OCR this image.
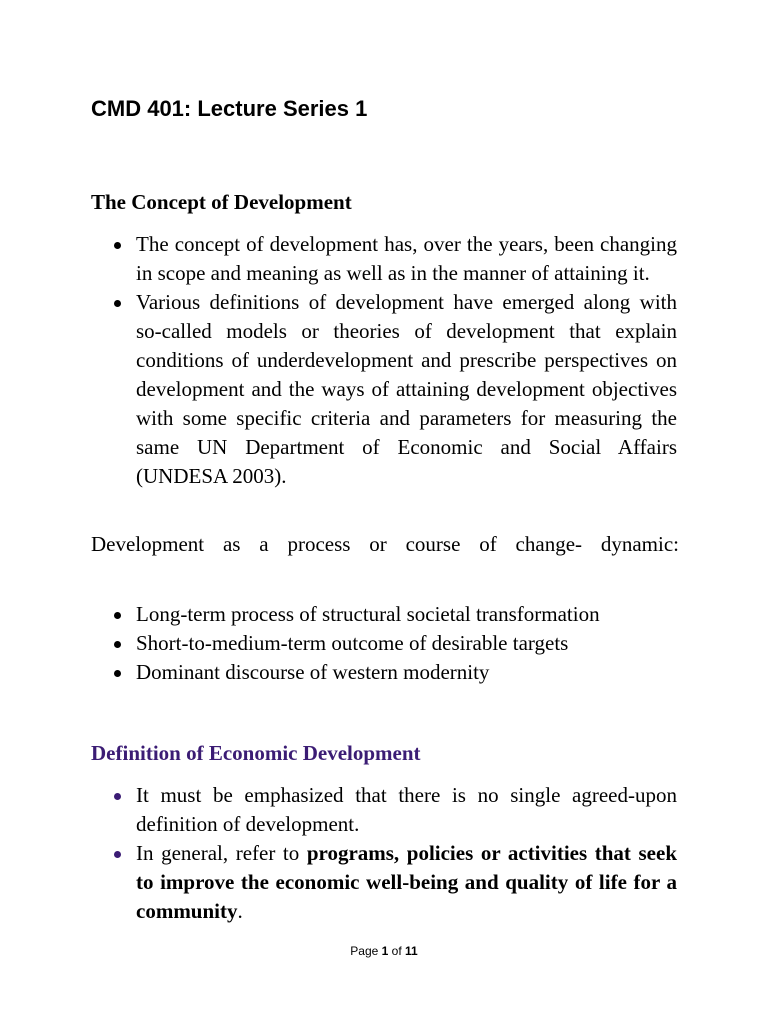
CMD 401: Lecture Series 1
The Concept of Development
The concept of development has, over the years, been changing in scope and meaning as well as in the manner of attaining it.
Various definitions of development have emerged along with so-called models or theories of development that explain conditions of underdevelopment and prescribe perspectives on development and the ways of attaining development objectives with some specific criteria and parameters for measuring the same UN Department of Economic and Social Affairs (UNDESA 2003).

Development as a process or course of change- dynamic:

Long-term process of structural societal transformation
Short-to-medium-term outcome of desirable targets
Dominant discourse of western modernity
Definition of Economic Development
It must be emphasized that there is no single agreed-upon definition of development.
In general, refer to programs, policies or activities that seek to improve the economic well-being and quality of life for a community.
Page 1 of 11
